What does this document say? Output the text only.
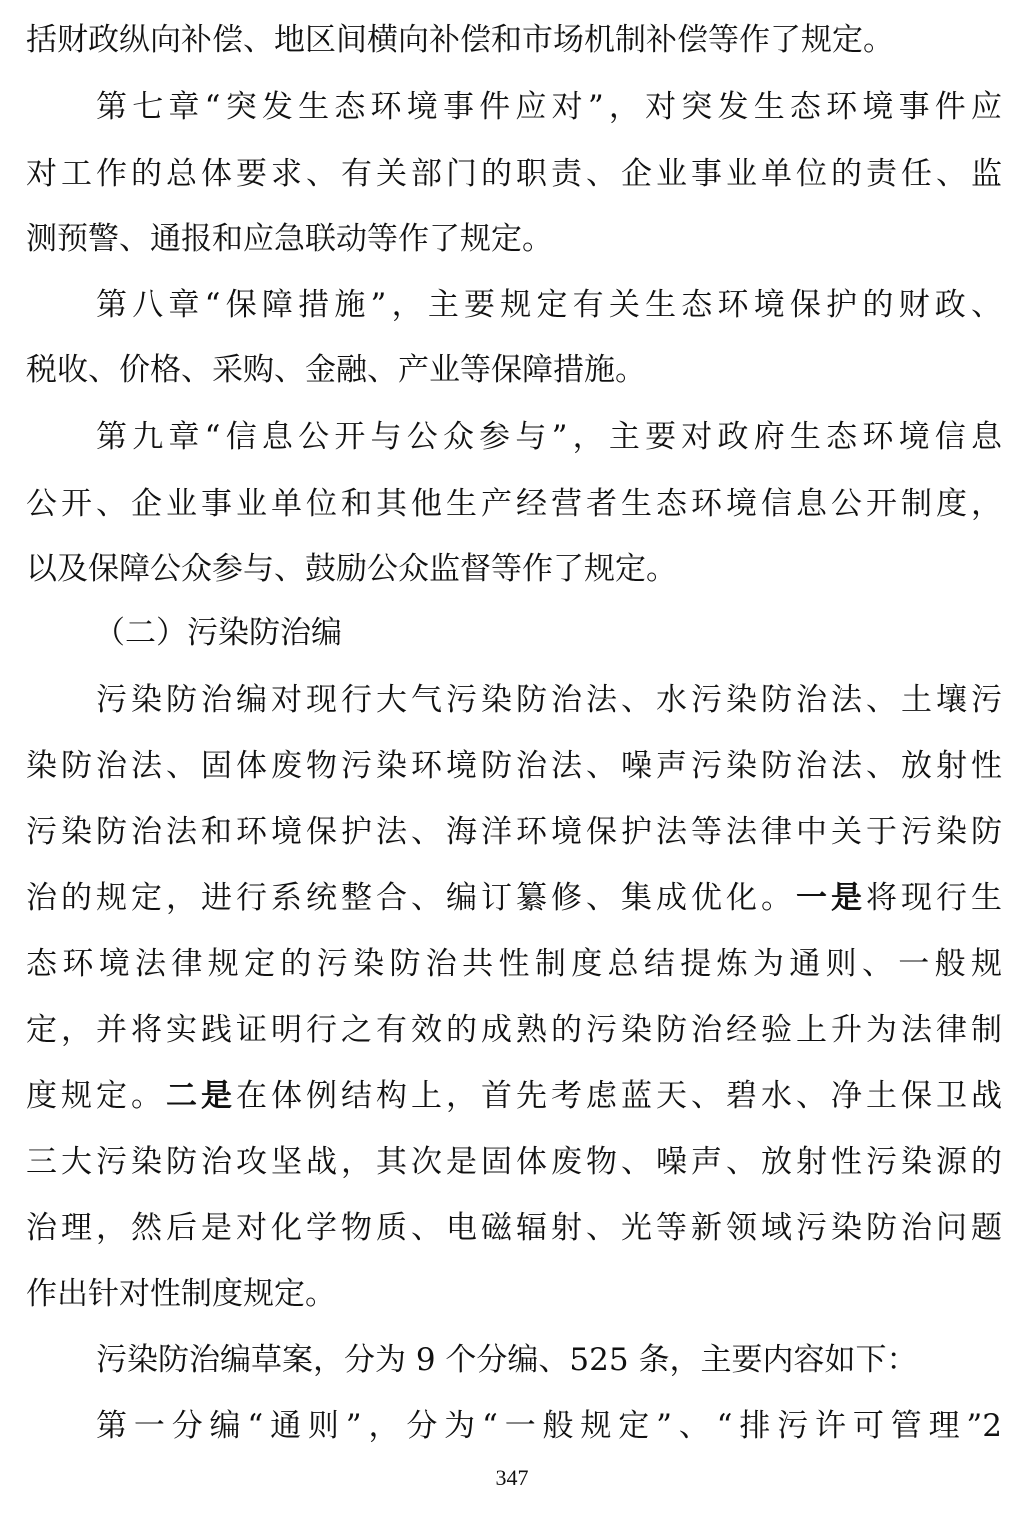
括财政纵向补偿、地区间横向补偿和市场机制补偿等作了规定。
第七章“突发生态环境事件应对”，对突发生态环境事件应
对工作的总体要求、有关部门的职责、企业事业单位的责任、监
测预警、通报和应急联动等作了规定。
第八章“保障措施”，主要规定有关生态环境保护的财政、
税收、价格、采购、金融、产业等保障措施。
第九章“信息公开与公众参与”，主要对政府生态环境信息
公开、企业事业单位和其他生产经营者生态环境信息公开制度，
以及保障公众参与、鼓励公众监督等作了规定。
（二）污染防治编
污染防治编对现行大气污染防治法、水污染防治法、土壤污
染防治法、固体废物污染环境防治法、噪声污染防治法、放射性
污染防治法和环境保护法、海洋环境保护法等法律中关于污染防
治的规定，进行系统整合、编订纂修、集成优化。一是将现行生
态环境法律规定的污染防治共性制度总结提炼为通则、一般规
定，并将实践证明行之有效的成熟的污染防治经验上升为法律制
度规定。二是在体例结构上，首先考虑蓝天、碧水、净土保卫战
三大污染防治攻坚战，其次是固体废物、噪声、放射性污染源的
治理，然后是对化学物质、电磁辐射、光等新领域污染防治问题
作出针对性制度规定。
污染防治编草案，分为 9 个分编、525 条，主要内容如下：
第一分编“通则”，分为“一般规定”、“排污许可管理”2
347
